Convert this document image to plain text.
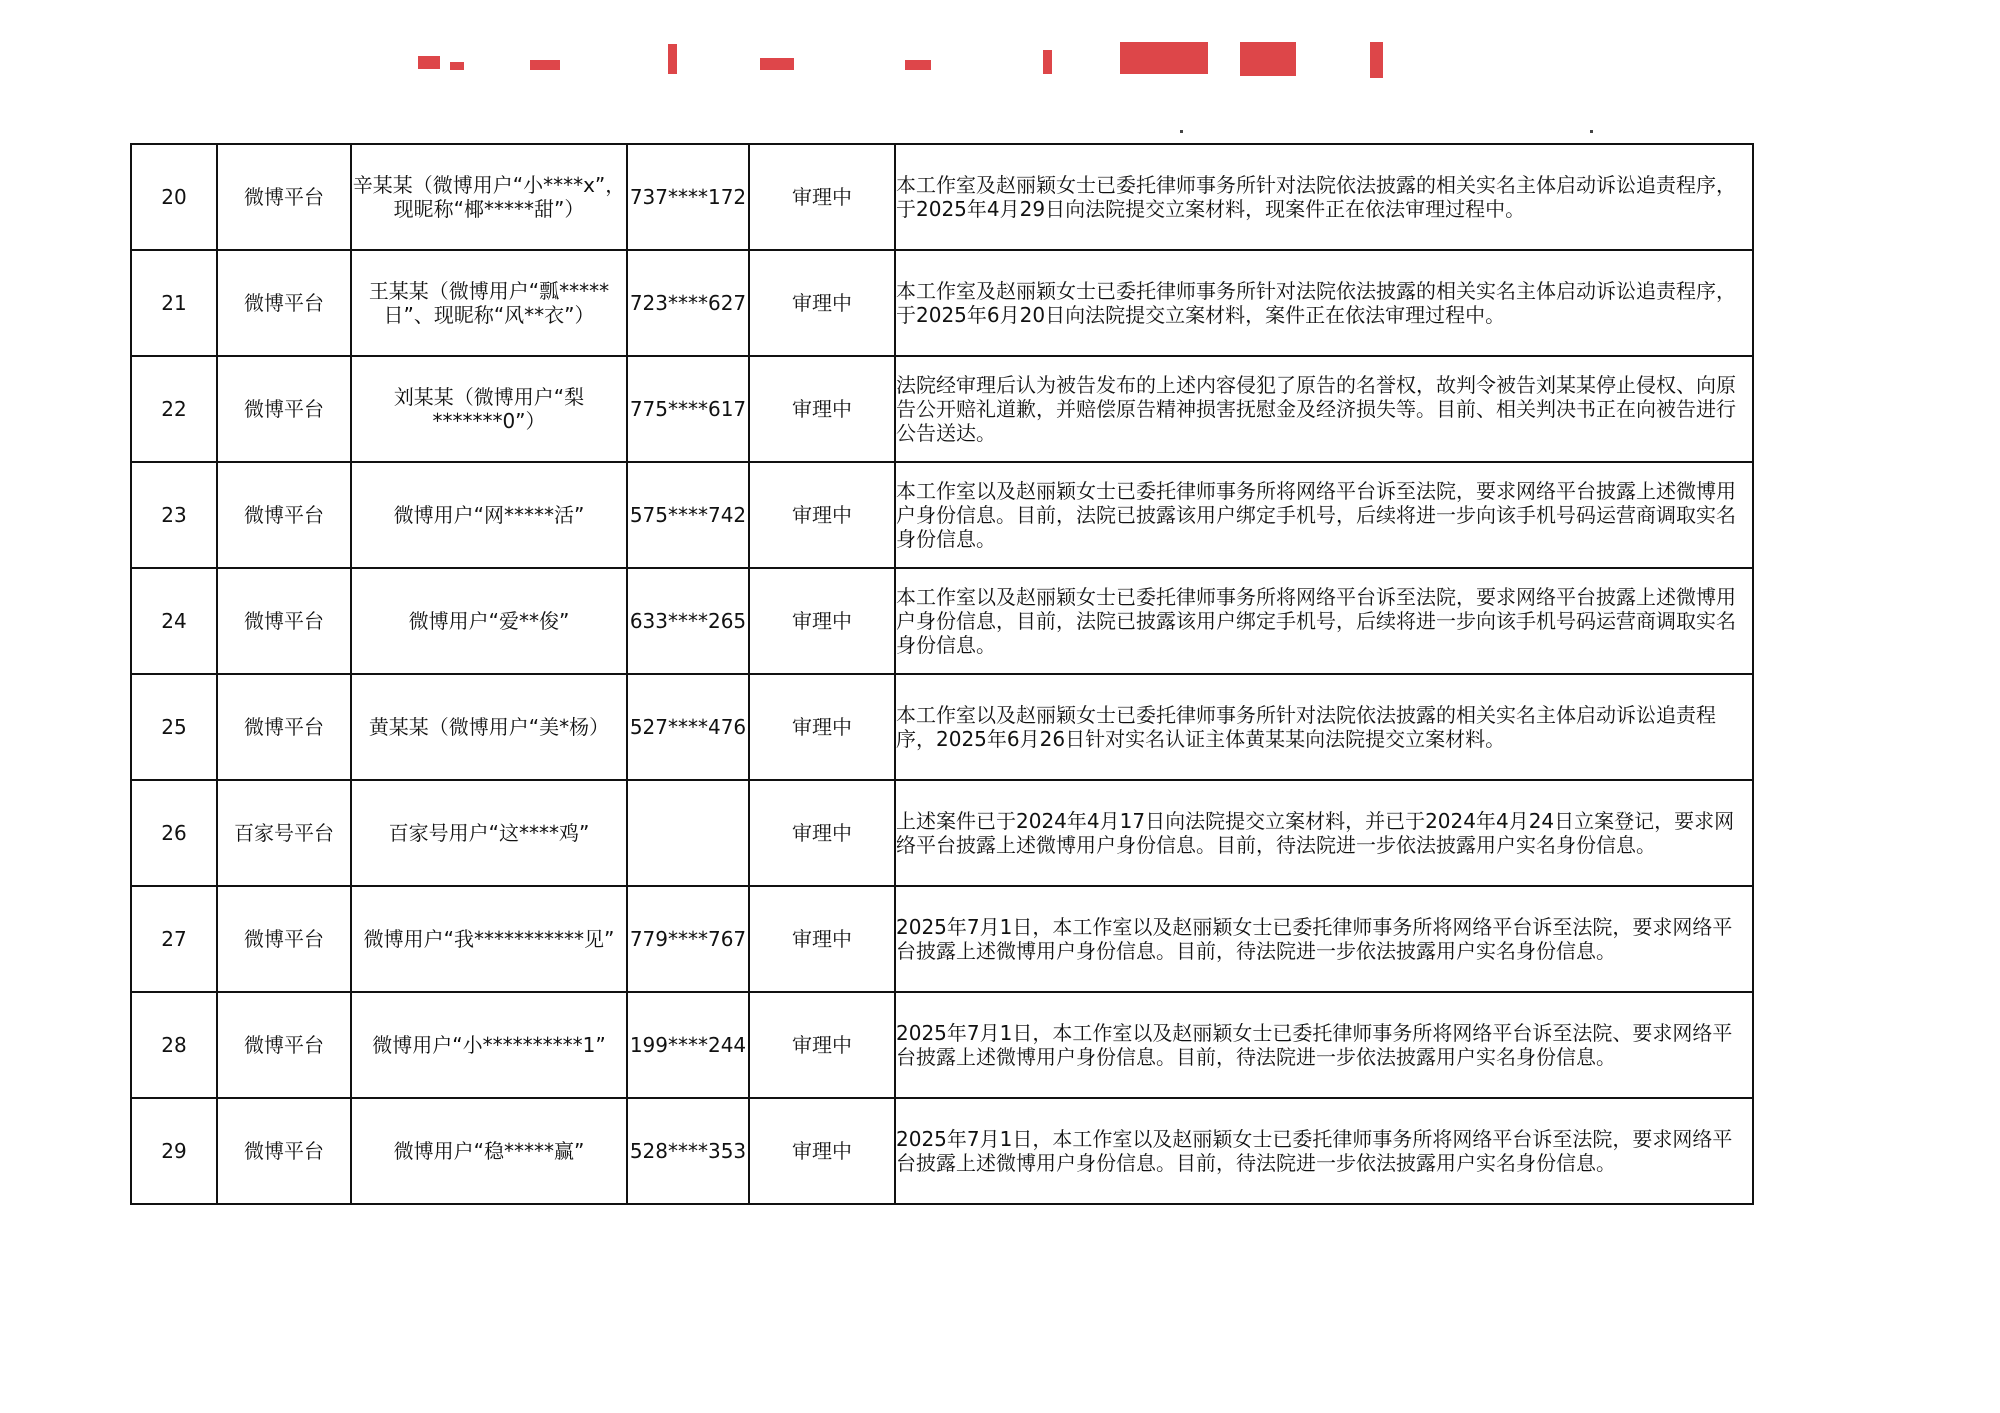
20	微博平台	辛某某（微博用户“小****x”，现昵称“椰*****甜”）	737****172	审理中	本工作室及赵丽颖女士已委托律师事务所针对法院依法披露的相关实名主体启动诉讼追责程序，于2025年4月29日向法院提交立案材料，现案件正在依法审理过程中。
21	微博平台	王某某（微博用户“瓢*****日”、现昵称“风**衣”）	723****627	审理中	本工作室及赵丽颖女士已委托律师事务所针对法院依法披露的相关实名主体启动诉讼追责程序，于2025年6月20日向法院提交立案材料，案件正在依法审理过程中。
22	微博平台	刘某某（微博用户“梨*******0”）	775****617	审理中	法院经审理后认为被告发布的上述内容侵犯了原告的名誉权，故判令被告刘某某停止侵权、向原告公开赔礼道歉，并赔偿原告精神损害抚慰金及经济损失等。目前、相关判决书正在向被告进行公告送达。
23	微博平台	微博用户“网*****活”	575****742	审理中	本工作室以及赵丽颖女士已委托律师事务所将网络平台诉至法院，要求网络平台披露上述微博用户身份信息。目前，法院已披露该用户绑定手机号，后续将进一步向该手机号码运营商调取实名身份信息。
24	微博平台	微博用户“爱**俊”	633****265	审理中	本工作室以及赵丽颖女士已委托律师事务所将网络平台诉至法院，要求网络平台披露上述微博用户身份信息，目前，法院已披露该用户绑定手机号，后续将进一步向该手机号码运营商调取实名身份信息。
25	微博平台	黄某某（微博用户“美*杨）	527****476	审理中	本工作室以及赵丽颖女士已委托律师事务所针对法院依法披露的相关实名主体启动诉讼追责程序，2025年6月26日针对实名认证主体黄某某向法院提交立案材料。
26	百家号平台	百家号用户“这****鸡”		审理中	上述案件已于2024年4月17日向法院提交立案材料，并已于2024年4月24日立案登记，要求网络平台披露上述微博用户身份信息。目前，待法院进一步依法披露用户实名身份信息。
27	微博平台	微博用户“我***********见”	779****767	审理中	2025年7月1日，本工作室以及赵丽颖女士已委托律师事务所将网络平台诉至法院，要求网络平台披露上述微博用户身份信息。目前，待法院进一步依法披露用户实名身份信息。
28	微博平台	微博用户“小**********1”	199****244	审理中	2025年7月1日，本工作室以及赵丽颖女士已委托律师事务所将网络平台诉至法院、要求网络平台披露上述微博用户身份信息。目前，待法院进一步依法披露用户实名身份信息。
29	微博平台	微博用户“稳*****赢”	528****353	审理中	2025年7月1日，本工作室以及赵丽颖女士已委托律师事务所将网络平台诉至法院，要求网络平台披露上述微博用户身份信息。目前，待法院进一步依法披露用户实名身份信息。
